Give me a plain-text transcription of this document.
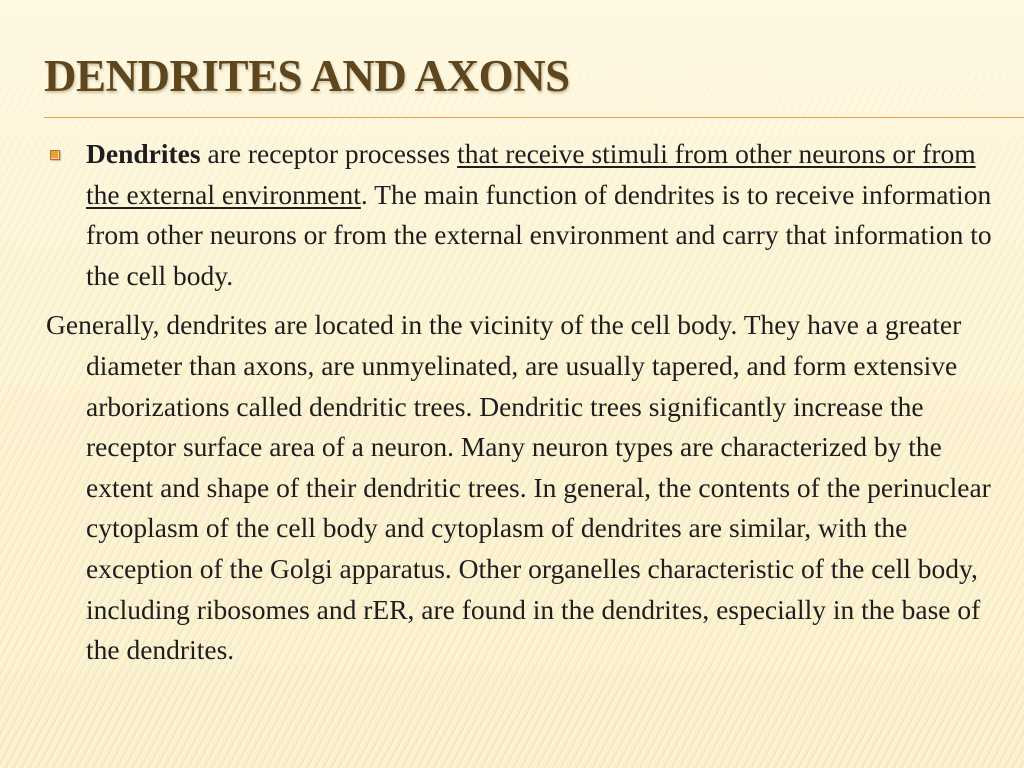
DENDRITES AND AXONS

Dendrites are receptor processes that receive stimuli from other neurons or from the external environment. The main function of dendrites is to receive information from other neurons or from the external environment and carry that information to the cell body.

Generally, dendrites are located in the vicinity of the cell body. They have a greater diameter than axons, are unmyelinated, are usually tapered, and form extensive arborizations called dendritic trees. Dendritic trees significantly increase the receptor surface area of a neuron. Many neuron types are characterized by the extent and shape of their dendritic trees. In general, the contents of the perinuclear cytoplasm of the cell body and cytoplasm of dendrites are similar, with the exception of the Golgi apparatus. Other organelles characteristic of the cell body, including ribosomes and rER, are found in the dendrites, especially in the base of the dendrites.
